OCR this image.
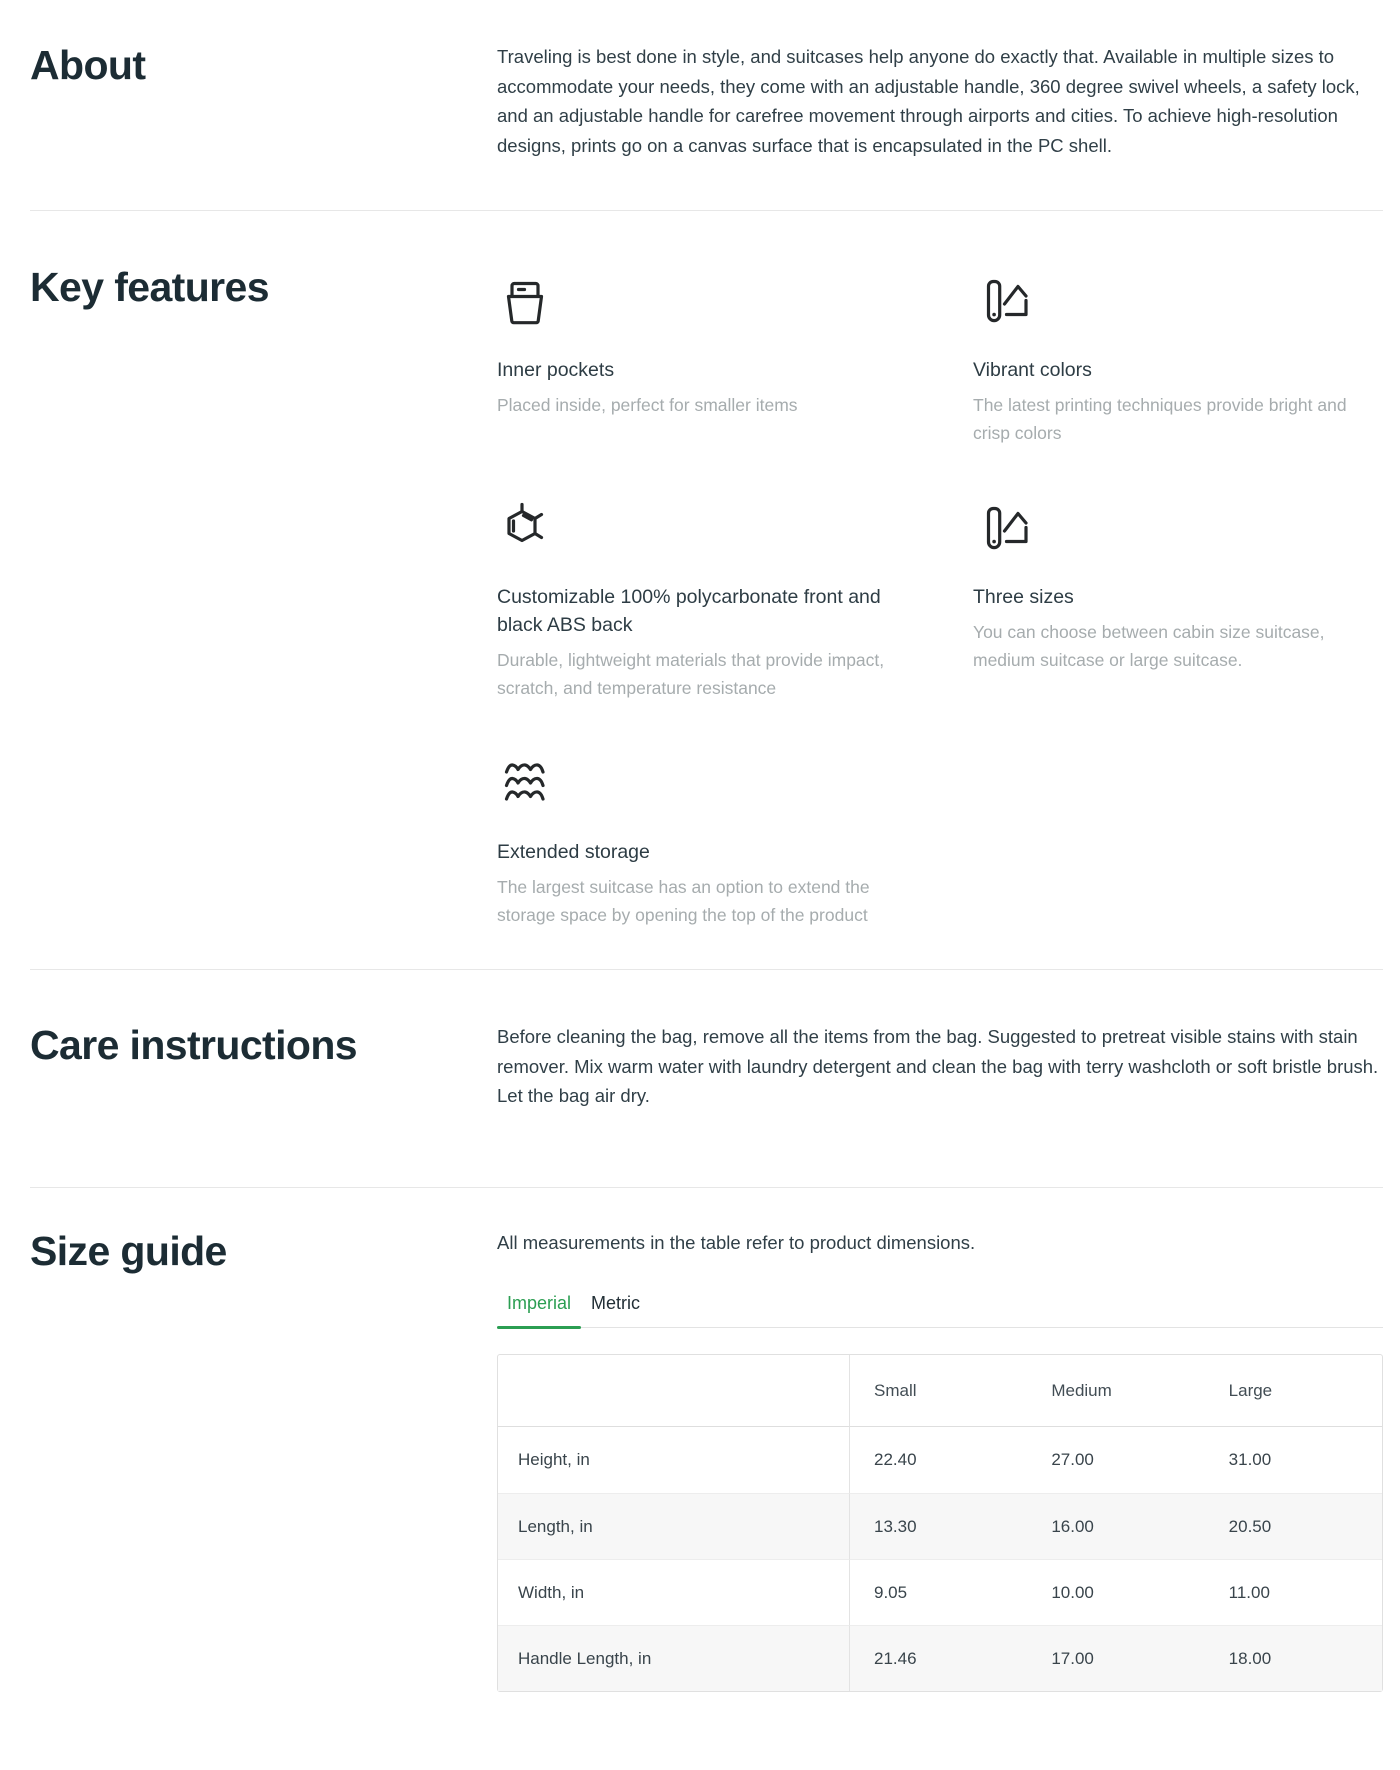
About	Traveling is best done in style, and suitcases help anyone do exactly that. Available in multiple sizes to accommodate your needs, they come with an adjustable handle, 360 degree swivel wheels, a safety lock, and an adjustable handle for carefree movement through airports and cities. To achieve high-resolution designs, prints go on a canvas surface that is encapsulated in the PC shell.

Key features
Inner pockets
Placed inside, perfect for smaller items
Vibrant colors
The latest printing techniques provide bright and crisp colors
Customizable 100% polycarbonate front and black ABS back
Durable, lightweight materials that provide impact, scratch, and temperature resistance
Three sizes
You can choose between cabin size suitcase, medium suitcase or large suitcase.
Extended storage
The largest suitcase has an option to extend the storage space by opening the top of the product
Care instructions	Before cleaning the bag, remove all the items from the bag. Suggested to pretreat visible stains with stain remover. Mix warm water with laundry detergent and clean the bag with terry washcloth or soft bristle brush. Let the bag air dry.

Size guide	All measurements in the table refer to product dimensions.

Imperial	Metric
	Small	Medium	Large
Height, in	22.40	27.00	31.00
Length, in	13.30	16.00	20.50
Width, in	9.05	10.00	11.00
Handle Length, in	21.46	17.00	18.00
